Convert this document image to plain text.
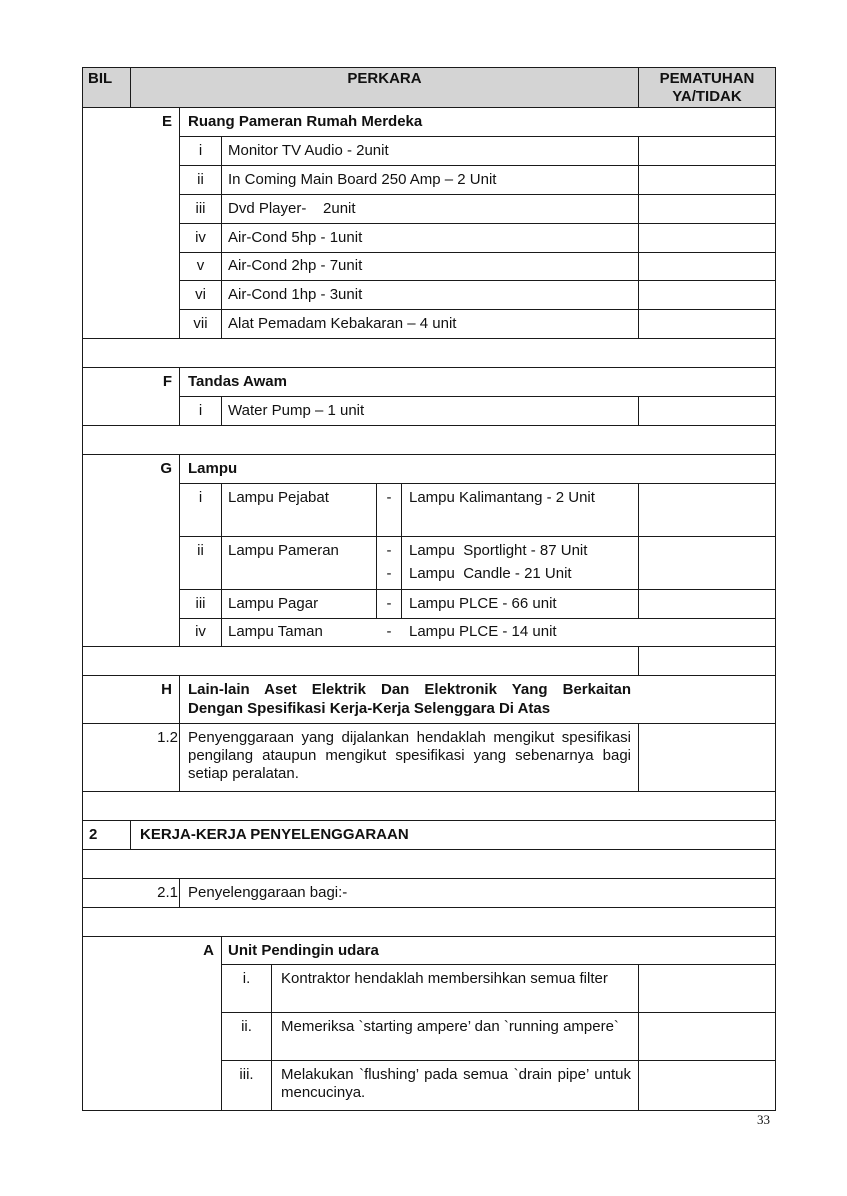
BIL	PERKARA	PEMATUHAN YA/TIDAK
E Ruang Pameran Rumah Merdeka
i	Monitor TV Audio - 2unit
ii	In Coming Main Board 250 Amp – 2 Unit
iii	Dvd Player-    2unit
iv	Air-Cond 5hp - 1unit
v	Air-Cond 2hp - 7unit
vi	Air-Cond 1hp - 3unit
vii	Alat Pemadam Kebakaran – 4 unit
F Tandas Awam
i	Water Pump – 1 unit
G Lampu
i	Lampu Pejabat	-	Lampu Kalimantang - 2 Unit
ii	Lampu Pameran	-	Lampu  Sportlight - 87 Unit
-	Lampu  Candle - 21 Unit
iii	Lampu Pagar	-	Lampu PLCE - 66 unit
iv	Lampu Taman	-	Lampu PLCE - 14 unit
H Lain-lain Aset Elektrik Dan Elektronik Yang Berkaitan
Dengan Spesifikasi Kerja-Kerja Selenggara Di Atas
1.2 Penyenggaraan yang dijalankan hendaklah mengikut spesifikasi pengilang ataupun mengikut spesifikasi yang sebenarnya bagi setiap peralatan.
2	KERJA-KERJA PENYELENGGARAAN
2.1 Penyelenggaraan bagi:-
A Unit Pendingin udara
i.	Kontraktor hendaklah membersihkan semua filter
ii.	Memeriksa `starting ampere’ dan `running ampere`
iii.	Melakukan `flushing’ pada semua `drain pipe’ untuk mencucinya.
33
